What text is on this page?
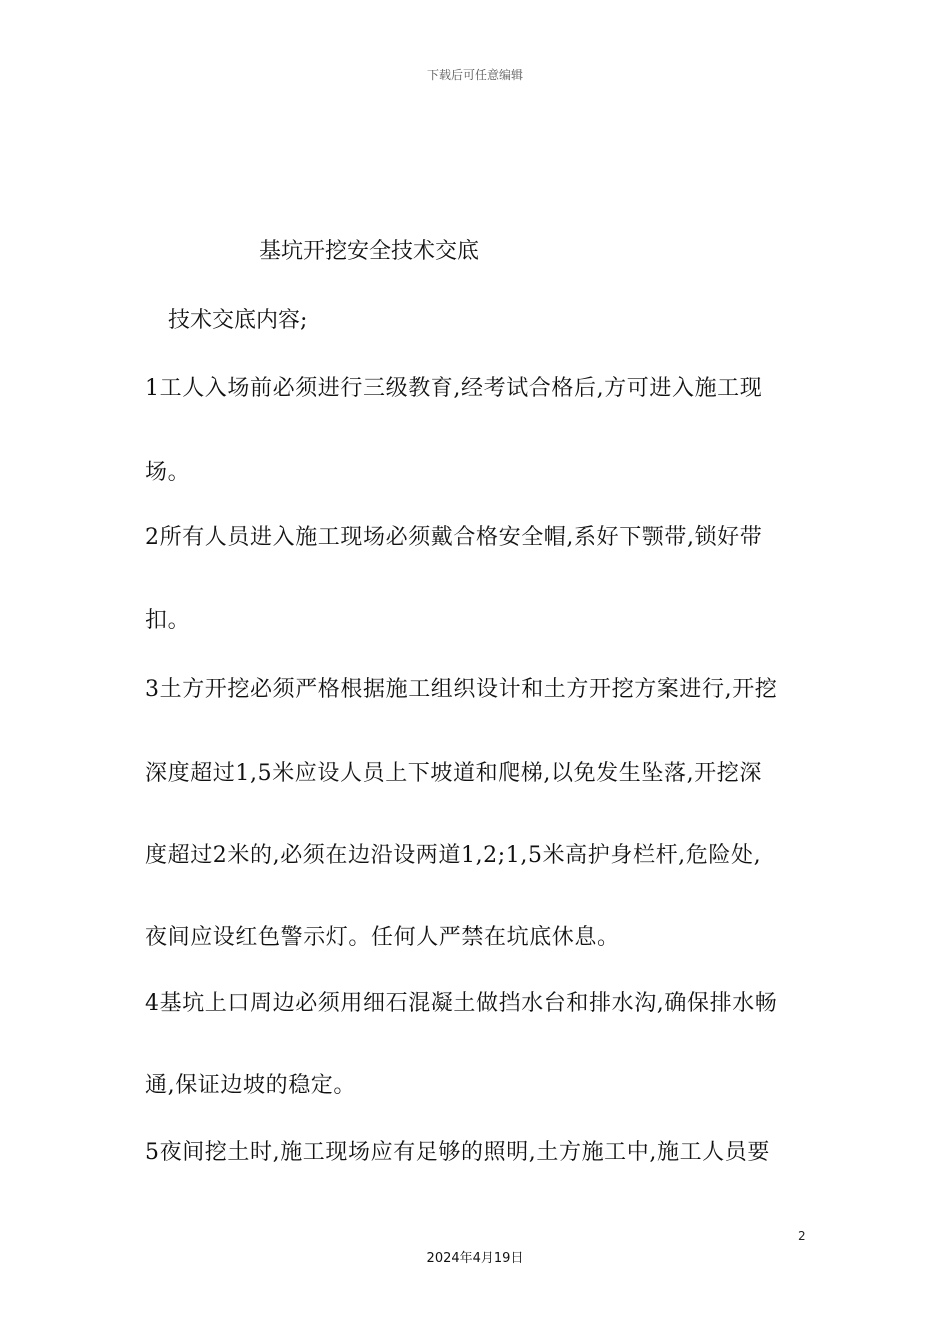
下载后可任意编辑
基坑开挖安全技术交底
技术交底内容;
1工人入场前必须进行三级教育,经考试合格后,方可进入施工现
场。
2所有人员进入施工现场必须戴合格安全帽,系好下颚带,锁好带
扣。
3土方开挖必须严格根据施工组织设计和土方开挖方案进行,开挖
深度超过1,5米应设人员上下坡道和爬梯,以免发生坠落,开挖深
度超过2米的,必须在边沿设两道1,2;1,5米高护身栏杆,危险处,
夜间应设红色警示灯。任何人严禁在坑底休息。
4基坑上口周边必须用细石混凝土做挡水台和排水沟,确保排水畅
通,保证边坡的稳定。
5夜间挖土时,施工现场应有足够的照明,土方施工中,施工人员要
2
2024年4月19日
